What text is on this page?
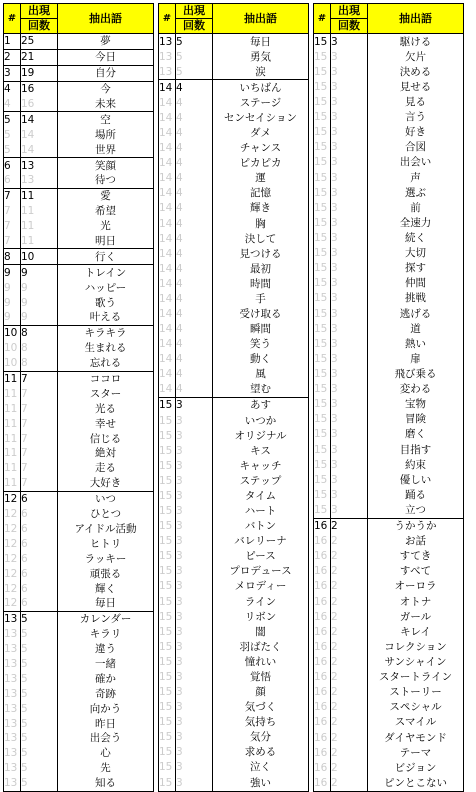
#	出現	抽出語
	回数	
1	25	夢
2	21	今日
3	19	自分
4	16	今
4	16	未来
5	14	空
5	14	場所
5	14	世界
6	13	笑顔
6	13	待つ
7	11	愛
7	11	希望
7	11	光
7	11	明日
8	10	行く
9	9	トレイン
9	9	ハッピー
9	9	歌う
9	9	叶える
10	8	キラキラ
10	8	生まれる
10	8	忘れる
11	7	ココロ
11	7	スター
11	7	光る
11	7	幸せ
11	7	信じる
11	7	絶対
11	7	走る
11	7	大好き
12	6	いつ
12	6	ひとつ
12	6	アイドル活動
12	6	ヒトリ
12	6	ラッキー
12	6	頑張る
12	6	輝く
12	6	毎日
13	5	カレンダー
13	5	キラリ
13	5	違う
13	5	一緒
13	5	確か
13	5	奇跡
13	5	向かう
13	5	昨日
13	5	出会う
13	5	心
13	5	先
13	5	知る
#	出現	抽出語
	回数	
13	5	毎日
13	5	勇気
13	5	涙
14	4	いちばん
14	4	ステージ
14	4	センセイション
14	4	ダメ
14	4	チャンス
14	4	ピカピカ
14	4	運
14	4	記憶
14	4	輝き
14	4	胸
14	4	決して
14	4	見つける
14	4	最初
14	4	時間
14	4	手
14	4	受け取る
14	4	瞬間
14	4	笑う
14	4	動く
14	4	風
14	4	望む
15	3	あす
15	3	いつか
15	3	オリジナル
15	3	キス
15	3	キャッチ
15	3	ステップ
15	3	タイム
15	3	ハート
15	3	バトン
15	3	バレリーナ
15	3	ピース
15	3	プロデュース
15	3	メロディー
15	3	ライン
15	3	リボン
15	3	闇
15	3	羽ばたく
15	3	憧れい
15	3	覚悟
15	3	顔
15	3	気づく
15	3	気持ち
15	3	気分
15	3	求める
15	3	泣く
15	3	強い
#	出現	抽出語
	回数	
15	3	駆ける
15	3	欠片
15	3	決める
15	3	見せる
15	3	見る
15	3	言う
15	3	好き
15	3	合図
15	3	出会い
15	3	声
15	3	選ぶ
15	3	前
15	3	全速力
15	3	続く
15	3	大切
15	3	探す
15	3	仲間
15	3	挑戦
15	3	逃げる
15	3	道
15	3	熱い
15	3	扉
15	3	飛び乗る
15	3	変わる
15	3	宝物
15	3	冒険
15	3	磨く
15	3	目指す
15	3	約束
15	3	優しい
15	3	踊る
15	3	立つ
16	2	うかうか
16	2	お話
16	2	すてき
16	2	すべて
16	2	オーロラ
16	2	オトナ
16	2	ガール
16	2	キレイ
16	2	コレクション
16	2	サンシャイン
16	2	スタートライン
16	2	ストーリー
16	2	スペシャル
16	2	スマイル
16	2	ダイヤモンド
16	2	テーマ
16	2	ビジョン
16	2	ピンとこない
